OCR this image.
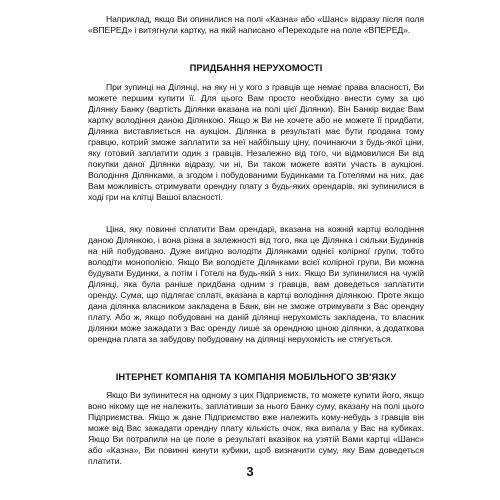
Наприклад, якщо Ви опинилися на полі «Казна» або «Шанс» відразу після поля «ВПЕРЕД» і витягнули картку, на якій написано «Переходьте на поле «ВПЕРЕД».

ПРИДБАННЯ НЕРУХОМОСТІ

При зупинці на Ділянці, на яку ні у кого з гравців ще немає права власності, Ви можете першим купити її. Для цього Вам просто необхідно внести суму за цю Ділянку Банку (вартість Ділянки вказана на полі цієї Ділянки). Він Банкір видає Вам картку володіння даною Ділянкою. Якщо ж Ви не хочете або не можете її придбати, Ділянка виставляється на аукціон. Ділянка в результаті має бути продана тому гравцю, котрий зможе заплатити за неї найбільшу ціну, починаючи з будь-якої ціни, яку готовий заплатити один з гравців. Незалежно від того, чи відмовилися Ви від покупки даної Ділянки відразу, чи ні, Ви також можете взяти участь в аукціоні. Володіння Ділянками, а згодом і побудованими Будинками та Готелями на них, дає Вам можливість отримувати орендну плату з будь-яких орендарів, які зупинилися в ході гри на клітці Вашої власності.

Ціна, яку повинні сплатити Вам орендарі, вказана на кожній картці володіння даною Ділянкою, і вона різна в залежності від того, яка це Ділянка і скільки Будинків на ній побудовано. Дуже вигідно володіти Ділянками однієї колірної групи, тобто володіти монополією. Якщо Ви володієте Ділянками всієї колірної групи, Ви можна будувати Будинки, а потім і Готелі на будь-якій з них. Якщо Ви зупинилися на чужій Ділянці, яка була раніше придбана одним з гравців, вам доведеться заплатити оренду. Сума, що підлягає сплаті, вказана в картці володіння ділянкою. Проте якщо дана ділянка власником закладена в Банк, він не зможе отримувати з Вас орендну плату. Або ж, якщо побудовані на даній ділянці нерухомість закладена, то власник ділянки може зажадати з Вас оренду лише за орендною ціною ділянки, а додаткова орендна плата за забудову побудовану на ділянці нерухомість не стягується.

ІНТЕРНЕТ КОМПАНІЯ ТА КОМПАНІЯ МОБІЛЬНОГО ЗВ'ЯЗКУ

Якщо Ви зупинитеся на одному з цих Підприємств, то можете купити його, якщо воно нікому ще не належить, заплативши за нього Банку суму, вказану на полі цього Підприємства. Якщо ж дане Підприємство вже належить кому-небудь з гравців він може від Вас зажадати орендну плату кількість очок, яка випала у Вас на кубиках. Якщо Ви потрапили на це поле в результаті вказівок на узятій Вами картці «Шанс» або «Казна», Ви повинні кинути кубики, щоб визначити суму, яку Вам доведеться платити.

3
